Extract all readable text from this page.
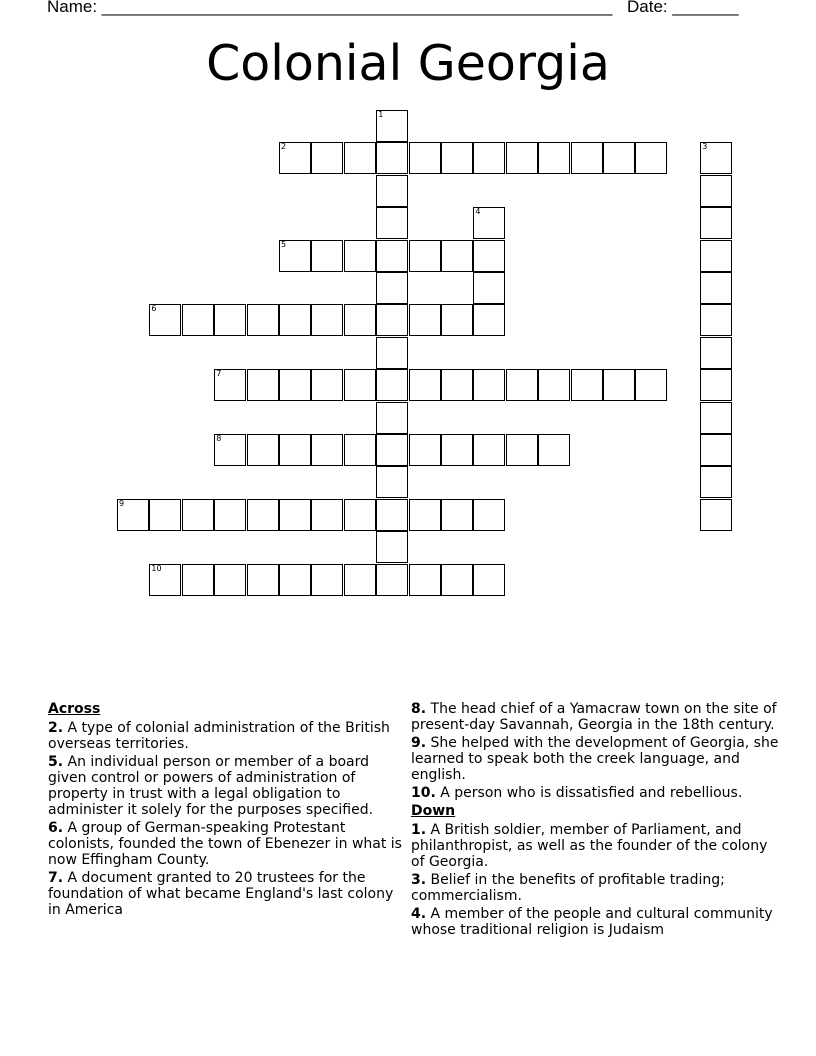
Name: ______________________________________________________ Date: _______
Colonial Georgia
1
2	3
4
5
6
7
8
9
10
Across
2. A type of colonial administration of the British overseas territories.
5. An individual person or member of a board given control or powers of administration of property in trust with a legal obligation to administer it solely for the purposes specified.
6. A group of German-speaking Protestant colonists, founded the town of Ebenezer in what is now Effingham County.
7. A document granted to 20 trustees for the foundation of what became England's last colony in America
8. The head chief of a Yamacraw town on the site of present-day Savannah, Georgia in the 18th century.
9. She helped with the development of Georgia, she learned to speak both the creek language, and english.
10. A person who is dissatisfied and rebellious.
Down
1. A British soldier, member of Parliament, and philanthropist, as well as the founder of the colony of Georgia.
3. Belief in the benefits of profitable trading; commercialism.
4. A member of the people and cultural community whose traditional religion is Judaism
